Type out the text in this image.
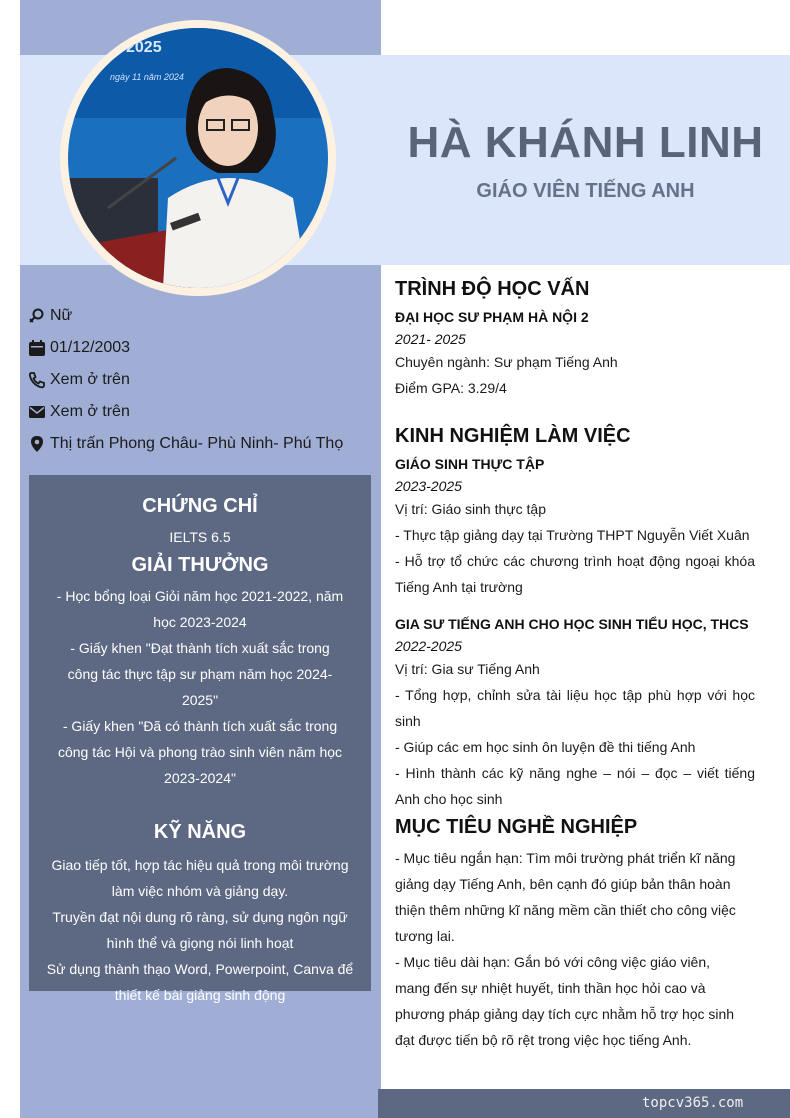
2025
ngày 11 năm 2024
HÀ KHÁNH LINH
GIÁO VIÊN TIẾNG ANH
Nữ
01/12/2003
Xem ở trên
Xem ở trên
Thị trấn Phong Châu- Phù Ninh- Phú Thọ
CHỨNG CHỈ

IELTS 6.5

GIẢI THƯỞNG

- Học bổng loại Giỏi năm học 2021-2022, năm học 2023-2024

- Giấy khen "Đạt thành tích xuất sắc trong công tác thực tập sư phạm năm học 2024-2025"

- Giấy khen "Đã có thành tích xuất sắc trong công tác Hội và phong trào sinh viên năm học 2023-2024"

KỸ NĂNG

Giao tiếp tốt, hợp tác hiệu quả trong môi trường làm việc nhóm và giảng dạy.

Truyền đạt nội dung rõ ràng, sử dụng ngôn ngữ hình thể và giọng nói linh hoạt

Sử dụng thành thạo Word, Powerpoint, Canva để thiết kế bài giảng sinh động

TRÌNH ĐỘ HỌC VẤN
ĐẠI HỌC SƯ PHẠM HÀ NỘI 2
2021- 2025
Chuyên ngành: Sư phạm Tiếng Anh
Điểm GPA: 3.29/4
KINH NGHIỆM LÀM VIỆC
GIÁO SINH THỰC TẬP
2023-2025
Vị trí: Giáo sinh thực tập
- Thực tập giảng dạy tại Trường THPT Nguyễn Viết Xuân
- Hỗ trợ tổ chức các chương trình hoạt động ngoại khóa Tiếng Anh tại trường
GIA SƯ TIẾNG ANH CHO HỌC SINH TIỂU HỌC, THCS
2022-2025
Vị trí: Gia sư Tiếng Anh
- Tổng hợp, chỉnh sửa tài liệu học tập phù hợp với học sinh
- Giúp các em học sinh ôn luyện đề thi tiếng Anh
- Hình thành các kỹ năng nghe – nói – đọc – viết tiếng Anh cho học sinh
MỤC TIÊU NGHỀ NGHIỆP
- Mục tiêu ngắn hạn: Tìm môi trường phát triển kĩ năng giảng dạy Tiếng Anh, bên cạnh đó giúp bản thân hoàn thiện thêm những kĩ năng mềm cần thiết cho công việc tương lai.
- Mục tiêu dài hạn: Gắn bó với công việc giáo viên, mang đến sự nhiệt huyết, tinh thần học hỏi cao và phương pháp giảng dạy tích cực nhằm hỗ trợ học sinh đạt được tiến bộ rõ rệt trong việc học tiếng Anh.
topcv365.com
